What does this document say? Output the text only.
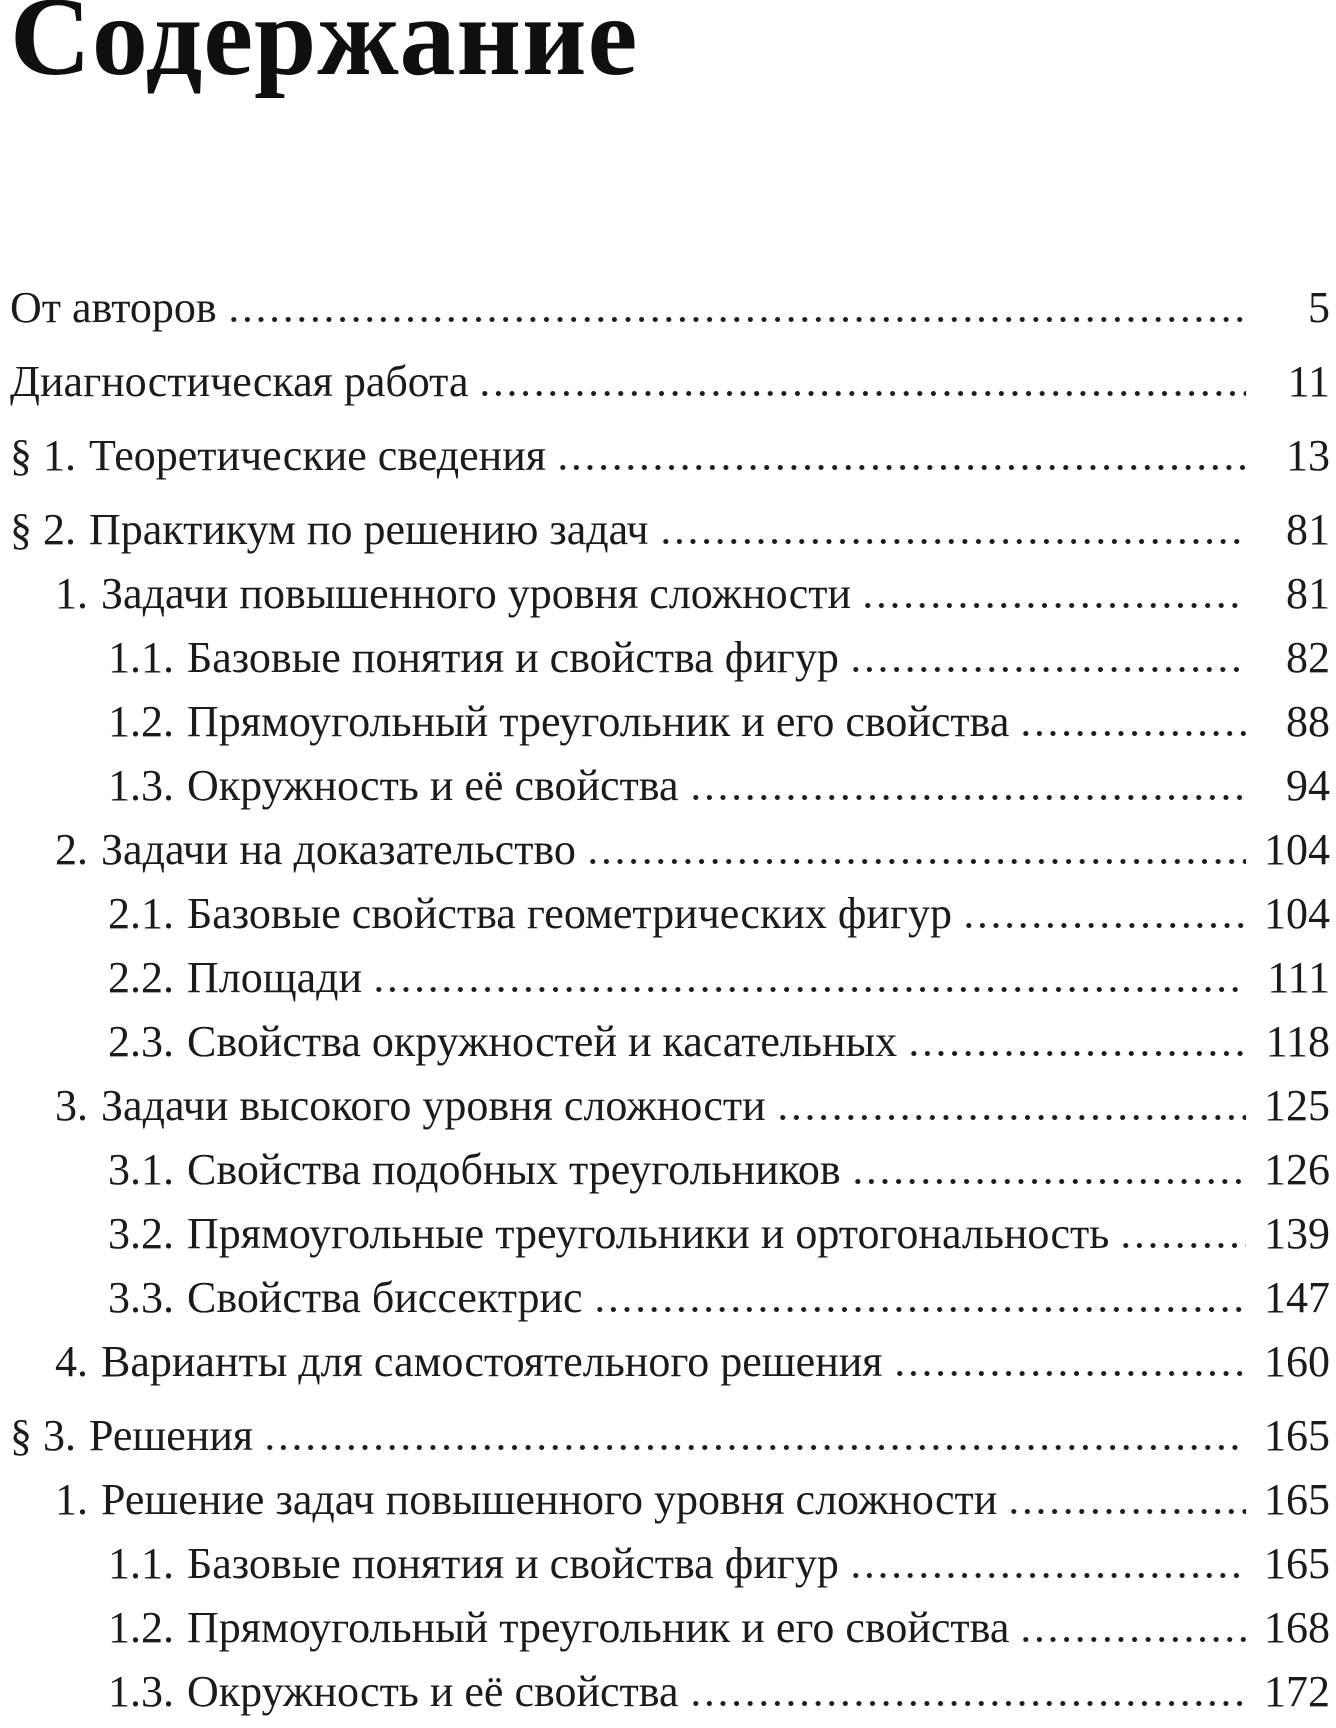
Содержание
От авторов	5
Диагностическая работа	11
§ 1. Теоретические сведения	13
§ 2. Практикум по решению задач	81
1. Задачи повышенного уровня сложности	81
1.1. Базовые понятия и свойства фигур	82
1.2. Прямоугольный треугольник и его свойства	88
1.3. Окружность и её свойства	94
2. Задачи на доказательство	104
2.1. Базовые свойства геометрических фигур	104
2.2. Площади	111
2.3. Свойства окружностей и касательных	118
3. Задачи высокого уровня сложности	125
3.1. Свойства подобных треугольников	126
3.2. Прямоугольные треугольники и ортогональность	139
3.3. Свойства биссектрис	147
4. Варианты для самостоятельного решения	160
§ 3. Решения	165
1. Решение задач повышенного уровня сложности	165
1.1. Базовые понятия и свойства фигур	165
1.2. Прямоугольный треугольник и его свойства	168
1.3. Окружность и её свойства	172
